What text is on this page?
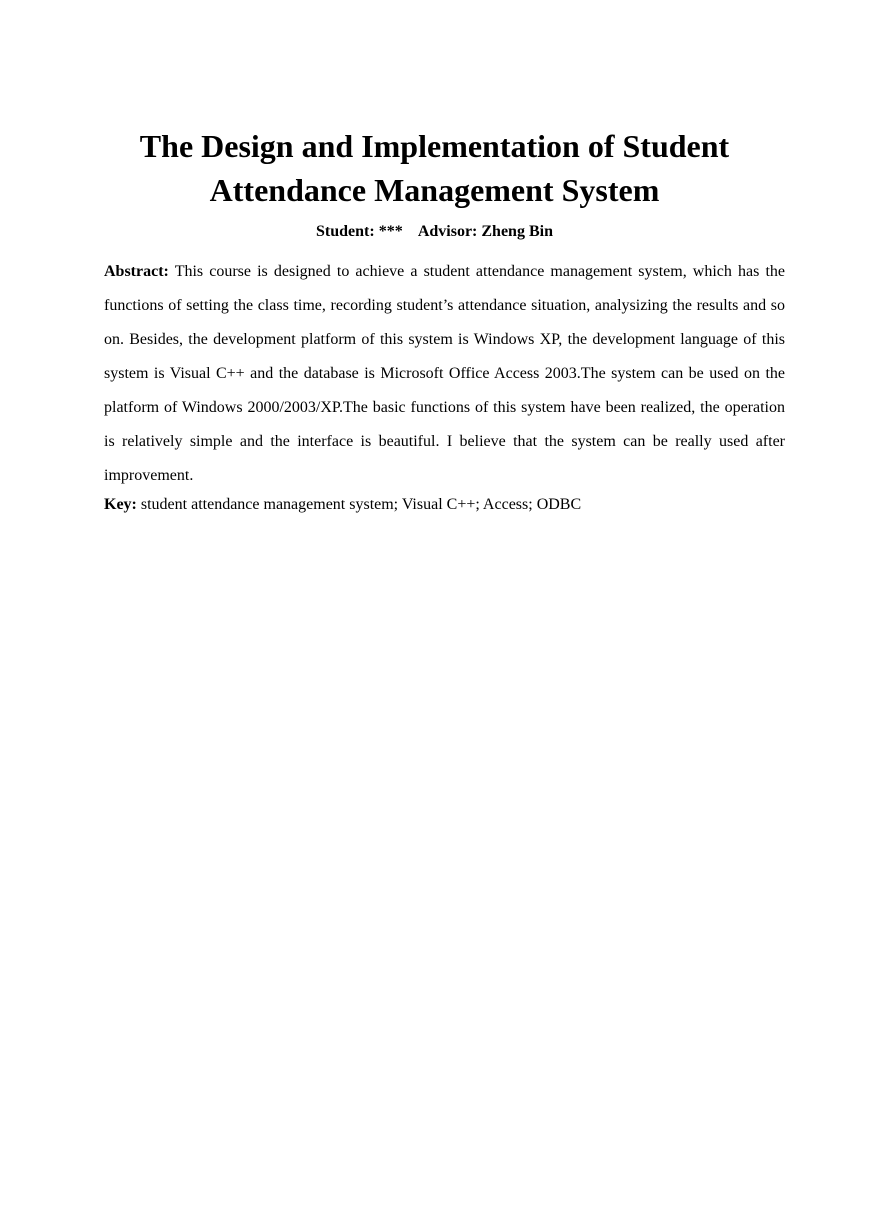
The Design and Implementation of Student
Attendance Management System
Student: ***    Advisor: Zheng Bin

Abstract: This course is designed to achieve a student attendance management system, which has the functions of setting the class time, recording student’s attendance situation, analysizing the results and so on. Besides, the development platform of this system is Windows XP, the development language of this system is Visual C++ and the database is Microsoft Office Access 2003.The system can be used on the platform of Windows 2000/2003/XP.The basic functions of this system have been realized, the operation is relatively simple and the interface is beautiful. I believe that the system can be really used after improvement.

Key: student attendance management system; Visual C++; Access; ODBC
